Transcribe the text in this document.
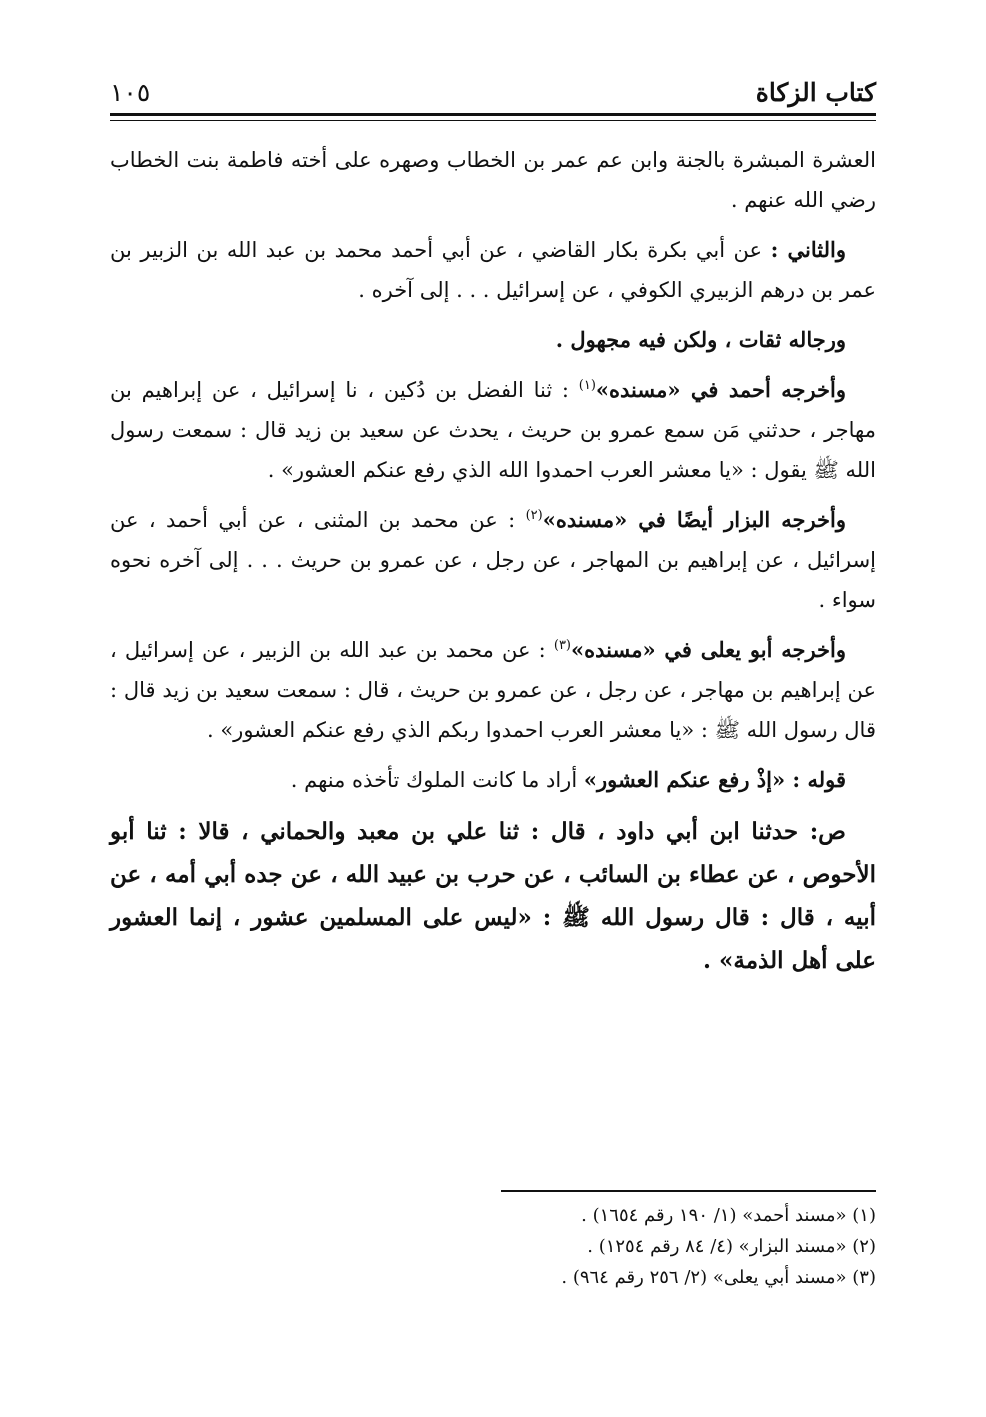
كتاب الزكاة
١٠٥

العشرة المبشرة بالجنة وابن عم عمر بن الخطاب وصهره على أخته فاطمة بنت الخطاب رضي الله عنهم .

والثاني : عن أبي بكرة بكار القاضي ، عن أبي أحمد محمد بن عبد الله بن الزبير بن عمر بن درهم الزبيري الكوفي ، عن إسرائيل . . . إلى آخره .

ورجاله ثقات ، ولكن فيه مجهول .

وأخرجه أحمد في «مسنده»$^{(١)}$ : ثنا الفضل بن دُكين ، نا إسرائيل ، عن إبراهيم بن مهاجر ، حدثني مَن سمع عمرو بن حريث ، يحدث عن سعيد بن زيد قال : سمعت رسول الله ﷺ يقول : «يا معشر العرب احمدوا الله الذي رفع عنكم العشور» .

وأخرجه البزار أيضًا في «مسنده»$^{(٢)}$ : عن محمد بن المثنى ، عن أبي أحمد ، عن إسرائيل ، عن إبراهيم بن المهاجر ، عن رجل ، عن عمرو بن حريث . . . إلى آخره نحوه سواء .

وأخرجه أبو يعلى في «مسنده»$^{(٣)}$ : عن محمد بن عبد الله بن الزبير ، عن إسرائيل ، عن إبراهيم بن مهاجر ، عن رجل ، عن عمرو بن حريث ، قال : سمعت سعيد بن زيد قال : قال رسول الله ﷺ : «يا معشر العرب احمدوا ربكم الذي رفع عنكم العشور» .

قوله : «إذْ رفع عنكم العشور» أراد ما كانت الملوك تأخذه منهم .

ص: حدثنا ابن أبي داود ، قال : ثنا علي بن معبد والحماني ، قالا : ثنا أبو الأحوص ، عن عطاء بن السائب ، عن حرب بن عبيد الله ، عن جده أبي أمه ، عن أبيه ، قال : قال رسول الله ﷺ : «ليس على المسلمين عشور ، إنما العشور على أهل الذمة» .

(١) «مسند أحمد» (١/ ١٩٠ رقم ١٦٥٤) .
(٢) «مسند البزار» (٤/ ٨٤ رقم ١٢٥٤) .
(٣) «مسند أبي يعلى» (٢/ ٢٥٦ رقم ٩٦٤) .
